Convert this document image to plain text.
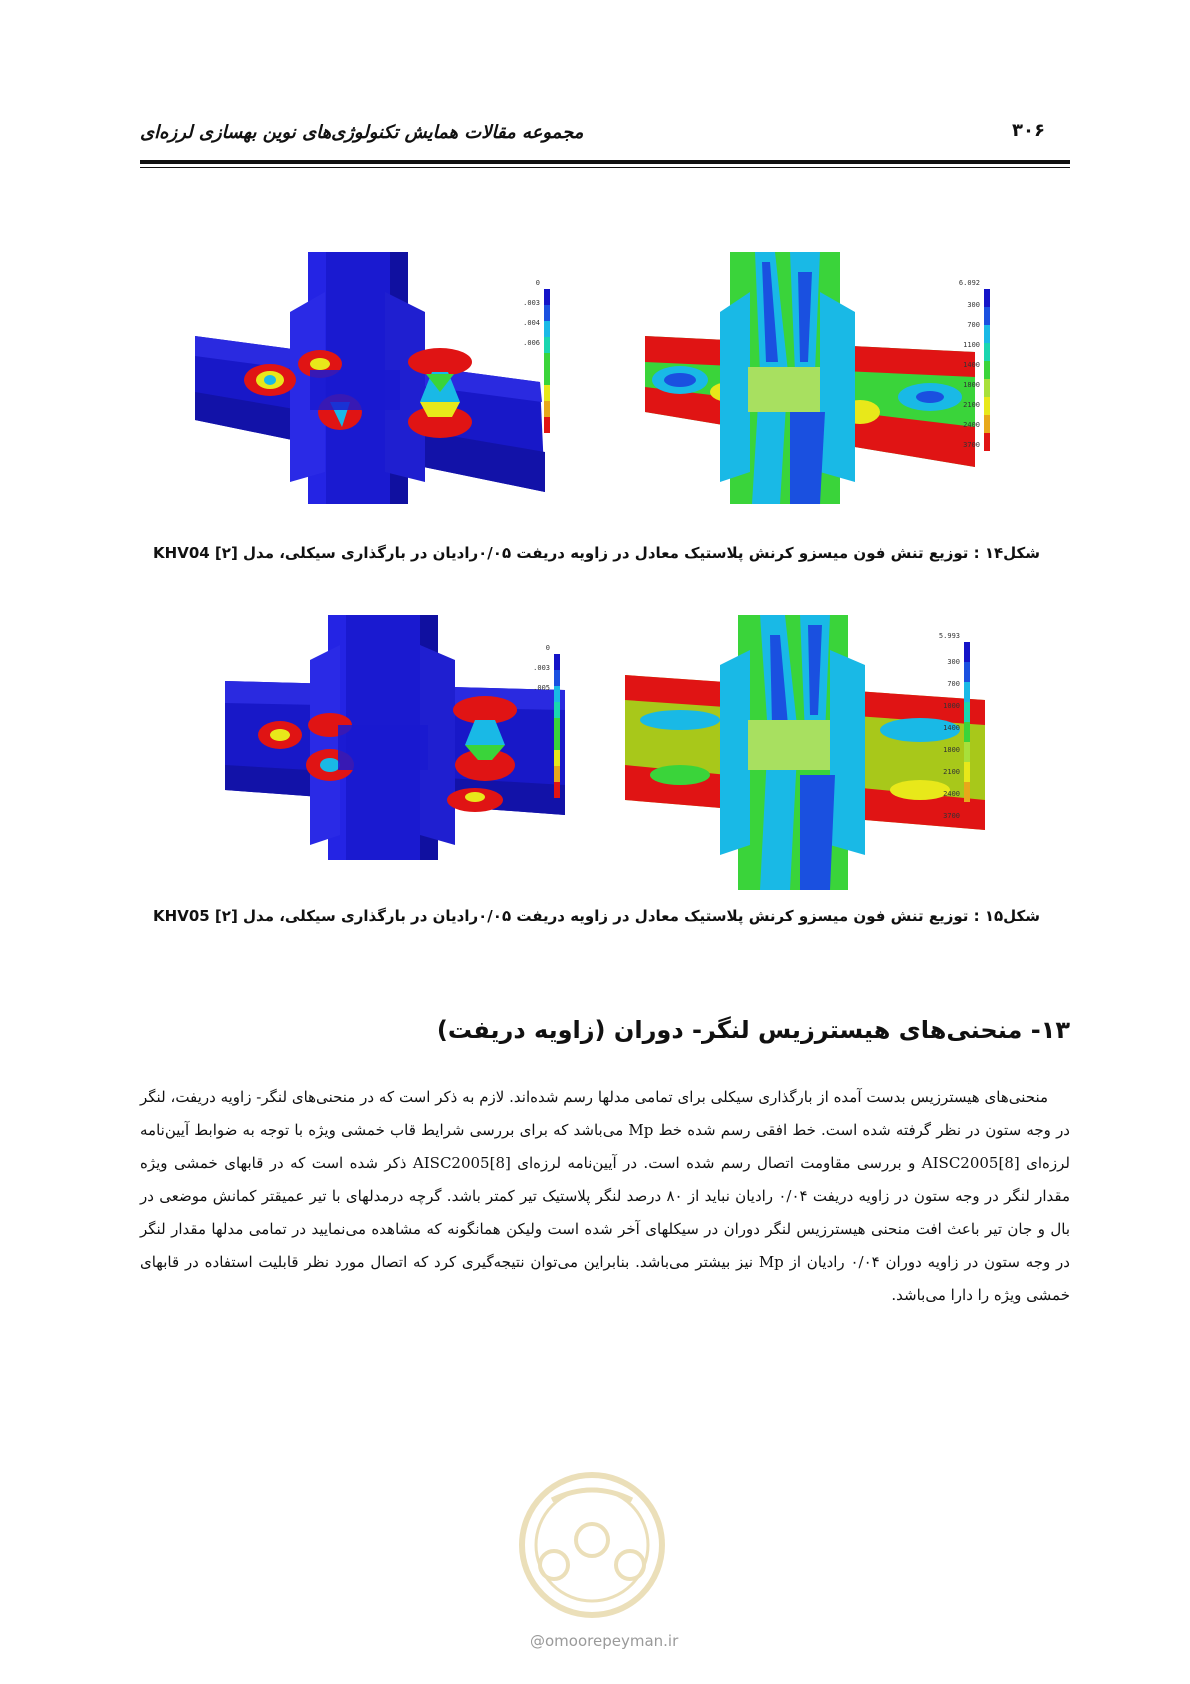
مجموعه مقالات همایش تکنولوژی‌های نوین بهسازی لرزه‌ای	۳۰۶
0
.003
.004
.006
6.092
300
700
1100
1400
1800
2100
2400
3700
شکل۱۴ : توزیع تنش فون میسزو کرنش پلاستیک معادل در زاویه دریفت ۰/۰۵رادیان در بارگذاری سیکلی، مدل KHV04 [۲]
0
.003
.005
5.993
300
700
1000
1400
1800
2100
2400
3700
شکل۱۵ : توزیع تنش فون میسزو کرنش پلاستیک معادل در زاویه دریفت ۰/۰۵رادیان در بارگذاری سیکلی، مدل KHV05 [۲]
۱۳- منحنی‌های هیسترزیس لنگر- دوران (زاویه دریفت)

منحنی‌های هیسترزیس بدست آمده از بارگذاری سیکلی برای تمامی مدلها رسم شده‌اند. لازم به ذکر است که در منحنی‌های لنگر- زاویه دریفت، لنگر در وجه ستون در نظر گرفته شده است. خط افقی رسم شده خط Mp می‌باشد که برای بررسی شرایط قاب خمشی ویژه با توجه به ضوابط آیین‌نامه لرزه‌ای AISC2005[8] و بررسی مقاومت اتصال رسم شده است. در آیین‌نامه لرزه‌ای AISC2005[8] ذکر شده است که در قابهای خمشی ویژه مقدار لنگر در وجه ستون در زاویه دریفت ۰/۰۴ رادیان نباید از ۸۰ درصد لنگر پلاستیک تیر کمتر باشد. گرچه درمدلهای با تیر عمیقتر کمانش موضعی در بال و جان تیر باعث افت منحنی هیسترزیس لنگر دوران در سیکلهای آخر شده است ولیکن همانگونه که مشاهده می‌نمایید در تمامی مدلها مقدار لنگر در وجه ستون در زاویه دوران ۰/۰۴ رادیان از Mp نیز بیشتر می‌باشد. بنابراین می‌توان نتیجه‌گیری کرد که اتصال مورد نظر قابلیت استفاده در قابهای خمشی ویژه را دارا می‌باشد.

@omoorepeyman.ir
